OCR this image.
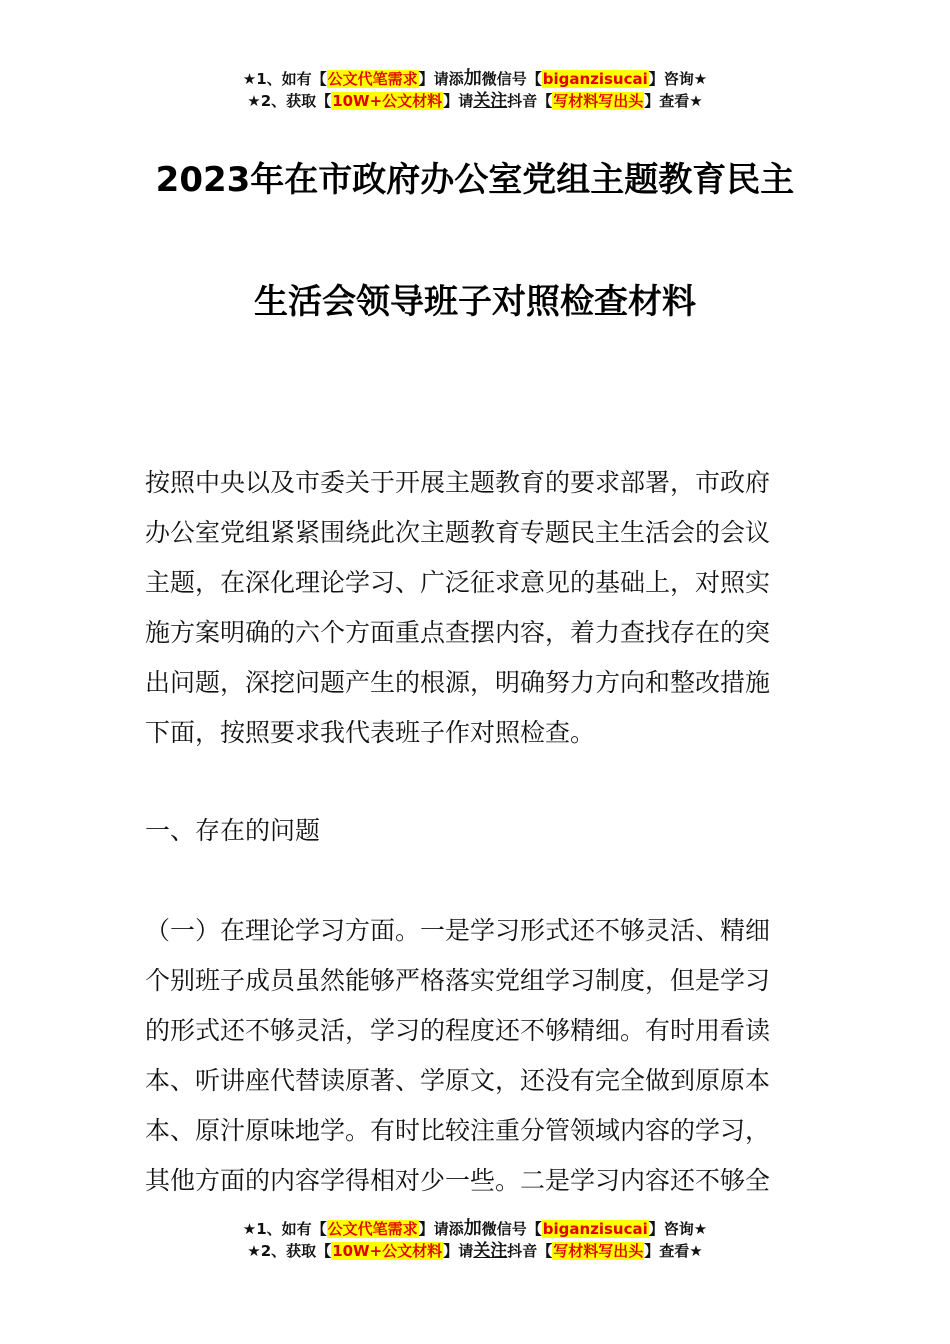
★1、如有【公文代笔需求】请添加微信号【biganzisucai】咨询★
★2、获取【10W+公文材料】请关注抖音【写材料写出头】查看★
2023年在市政府办公室党组主题教育民主
生活会领导班子对照检查材料
按照中央以及市委关于开展主题教育的要求部署，市政府
办公室党组紧紧围绕此次主题教育专题民主生活会的会议
主题，在深化理论学习、广泛征求意见的基础上，对照实
施方案明确的六个方面重点查摆内容，着力查找存在的突
出问题，深挖问题产生的根源，明确努力方向和整改措施
下面，按照要求我代表班子作对照检查。
一、存在的问题
（一）在理论学习方面。一是学习形式还不够灵活、精细
个别班子成员虽然能够严格落实党组学习制度，但是学习
的形式还不够灵活，学习的程度还不够精细。有时用看读
本、听讲座代替读原著、学原文，还没有完全做到原原本
本、原汁原味地学。有时比较注重分管领域内容的学习，
其他方面的内容学得相对少一些。二是学习内容还不够全
★1、如有【公文代笔需求】请添加微信号【biganzisucai】咨询★
★2、获取【10W+公文材料】请关注抖音【写材料写出头】查看★
